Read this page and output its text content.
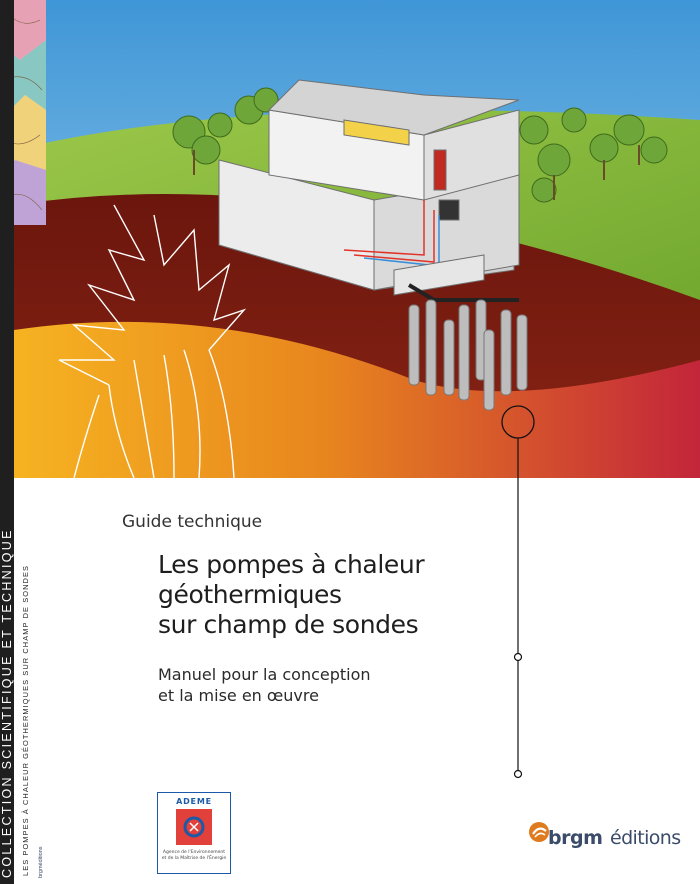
COLLECTION SCIENTIFIQUE ET TECHNIQUE LES POMPES À CHALEUR GÉOTHERMIQUES SUR CHAMP DE SONDES brgméditions
Guide technique
Les pompes à chaleur
géothermiques
sur champ de sondes
Manuel pour la conception
et la mise en œuvre
ADEME
Agence de l'Environnement et de la Maîtrise de l'Énergie
brgm éditions
